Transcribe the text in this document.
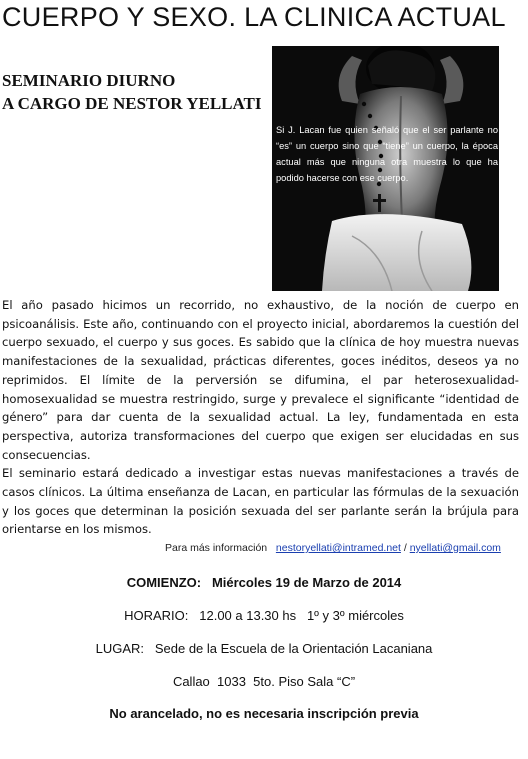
CUERPO Y SEXO. LA CLINICA ACTUAL
SEMINARIO DIURNO
A CARGO DE NESTOR YELLATI
Si J. Lacan fue quien señaló que el ser parlante no “es” un cuerpo sino que “tiene” un cuerpo, la época actual más que ninguna otra muestra lo que ha podido hacerse con ese cuerpo.

El año pasado hicimos un recorrido, no exhaustivo, de la noción de cuerpo en psicoanálisis. Este año, continuando con el proyecto inicial, abordaremos la cuestión del cuerpo sexuado, el cuerpo y sus goces. Es sabido que la clínica de hoy muestra nuevas manifestaciones de la sexualidad, prácticas diferentes, goces inéditos, deseos ya no reprimidos. El límite de la perversión se difumina, el par heterosexualidad-homosexualidad se muestra restringido, surge y prevalece el significante “identidad de género” para dar cuenta de la sexualidad actual. La ley, fundamentada en esta perspectiva, autoriza transformaciones del cuerpo que exigen ser elucidadas en sus consecuencias.

El seminario estará dedicado a investigar estas nuevas manifestaciones a través de casos clínicos. La última enseñanza de Lacan, en particular las fórmulas de la sexuación y los goces que determinan la posición sexuada del ser parlante serán la brújula para orientarse en los mismos.

Para más información nestoryellati@intramed.net / nyellati@gmail.com
COMIENZO: Miércoles 19 de Marzo de 2014
HORARIO: 12.00 a 13.30 hs   1º y 3º miércoles
LUGAR: Sede de la Escuela de la Orientación Lacaniana
Callao  1033  5to. Piso Sala “C”
No arancelado, no es necesaria inscripción previa
